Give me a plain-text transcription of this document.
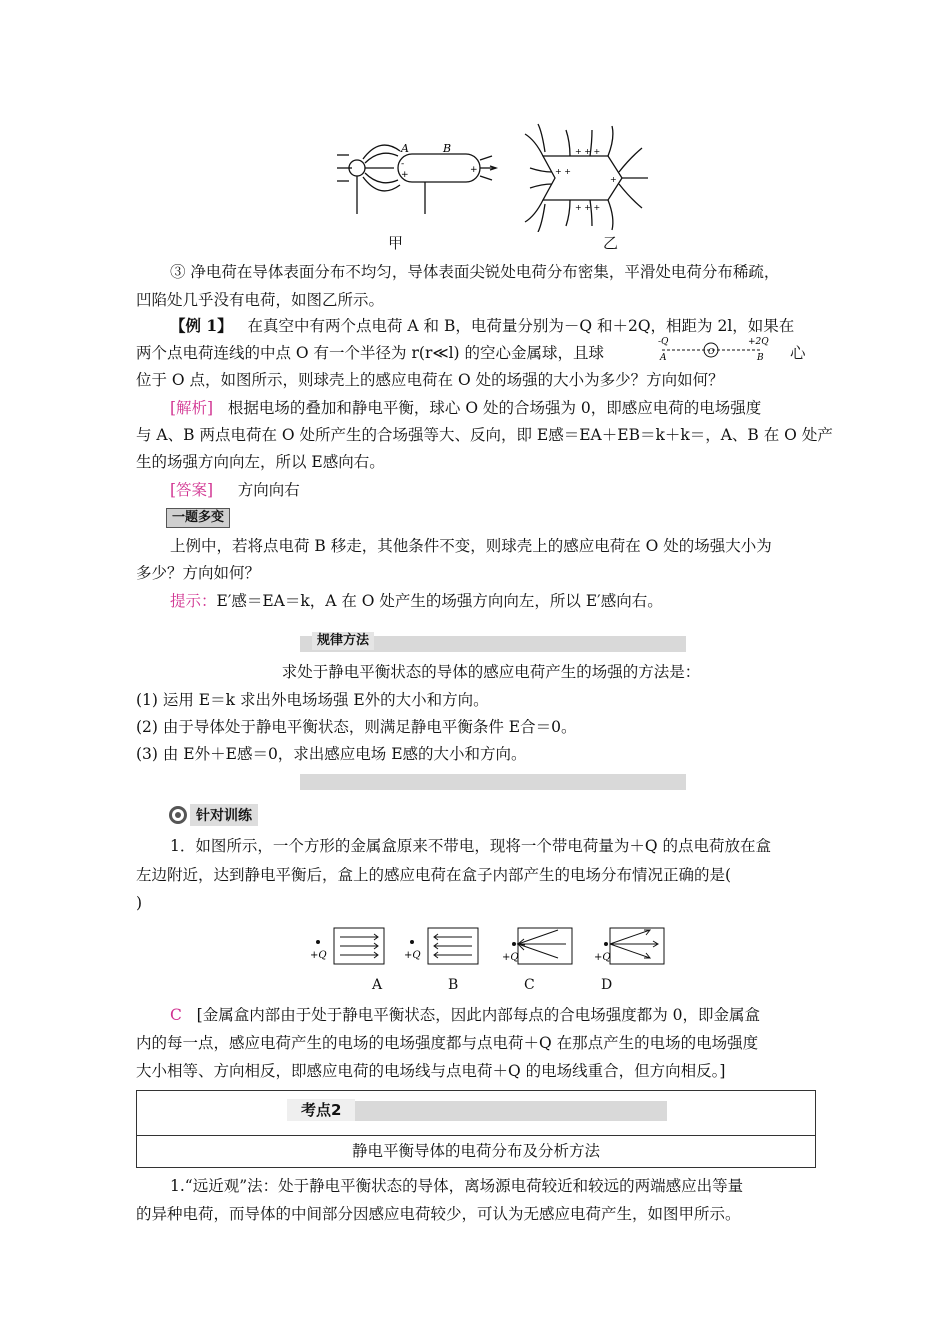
A	B
-
+	+	+ +
+
+ + +
+ + +
甲	乙
③ 净电荷在导体表面分布不均匀，导体表面尖锐处电荷分布密集，平滑处电荷分布稀疏，
凹陷处几乎没有电荷，如图乙所示。
【例 1】 在真空中有两个点电荷 A 和 B，电荷量分别为－Q 和＋2Q，相距为 2l，如果在
两个点电荷连线的中点 O 有一个半径为 r(r≪l) 的空心金属球，且球
-Q	+2Q
A
O
B 心
位于 O 点，如图所示，则球壳上的感应电荷在 O 处的场强的大小为多少？方向如何？
[解析] 根据电场的叠加和静电平衡，球心 O 处的合场强为 0，即感应电荷的电场强度
与 A、B 两点电荷在 O 处所产生的合场强等大、反向，即 E感＝EA＋EB＝k＋k＝，A、B 在 O 处产
生的场强方向向左，所以 E感向右。
[答案] 方向向右
一题多变
上例中，若将点电荷 B 移走，其他条件不变，则球壳上的感应电荷在 O 处的场强大小为
多少？方向如何？
提示：E′感＝EA＝k，A 在 O 处产生的场强方向向左，所以 E′感向右。
规律方法
求处于静电平衡状态的导体的感应电荷产生的场强的方法是：
(1) 运用 E＝k 求出外电场场强 E外的大小和方向。
(2) 由于导体处于静电平衡状态，则满足静电平衡条件 E合＝0。
(3) 由 E外＋E感＝0，求出感应电场 E感的大小和方向。
针对训练
1．如图所示，一个方形的金属盒原来不带电，现将一个带电荷量为＋Q 的点电荷放在盒
左边附近，达到静电平衡后，盒上的感应电荷在盒子内部产生的电场分布情况正确的是(
)
+Q	+Q	+Q	+Q
A	B	C	D
C [金属盒内部由于处于静电平衡状态，因此内部每点的合电场强度都为 0，即金属盒
内的每一点，感应电荷产生的电场的电场强度都与点电荷＋Q 在那点产生的电场的电场强度
大小相等、方向相反，即感应电荷的电场线与点电荷＋Q 的电场线重合，但方向相反。]
考点2
静电平衡导体的电荷分布及分析方法
1.“远近观”法：处于静电平衡状态的导体，离场源电荷较近和较远的两端感应出等量
的异种电荷，而导体的中间部分因感应电荷较少，可认为无感应电荷产生，如图甲所示。
